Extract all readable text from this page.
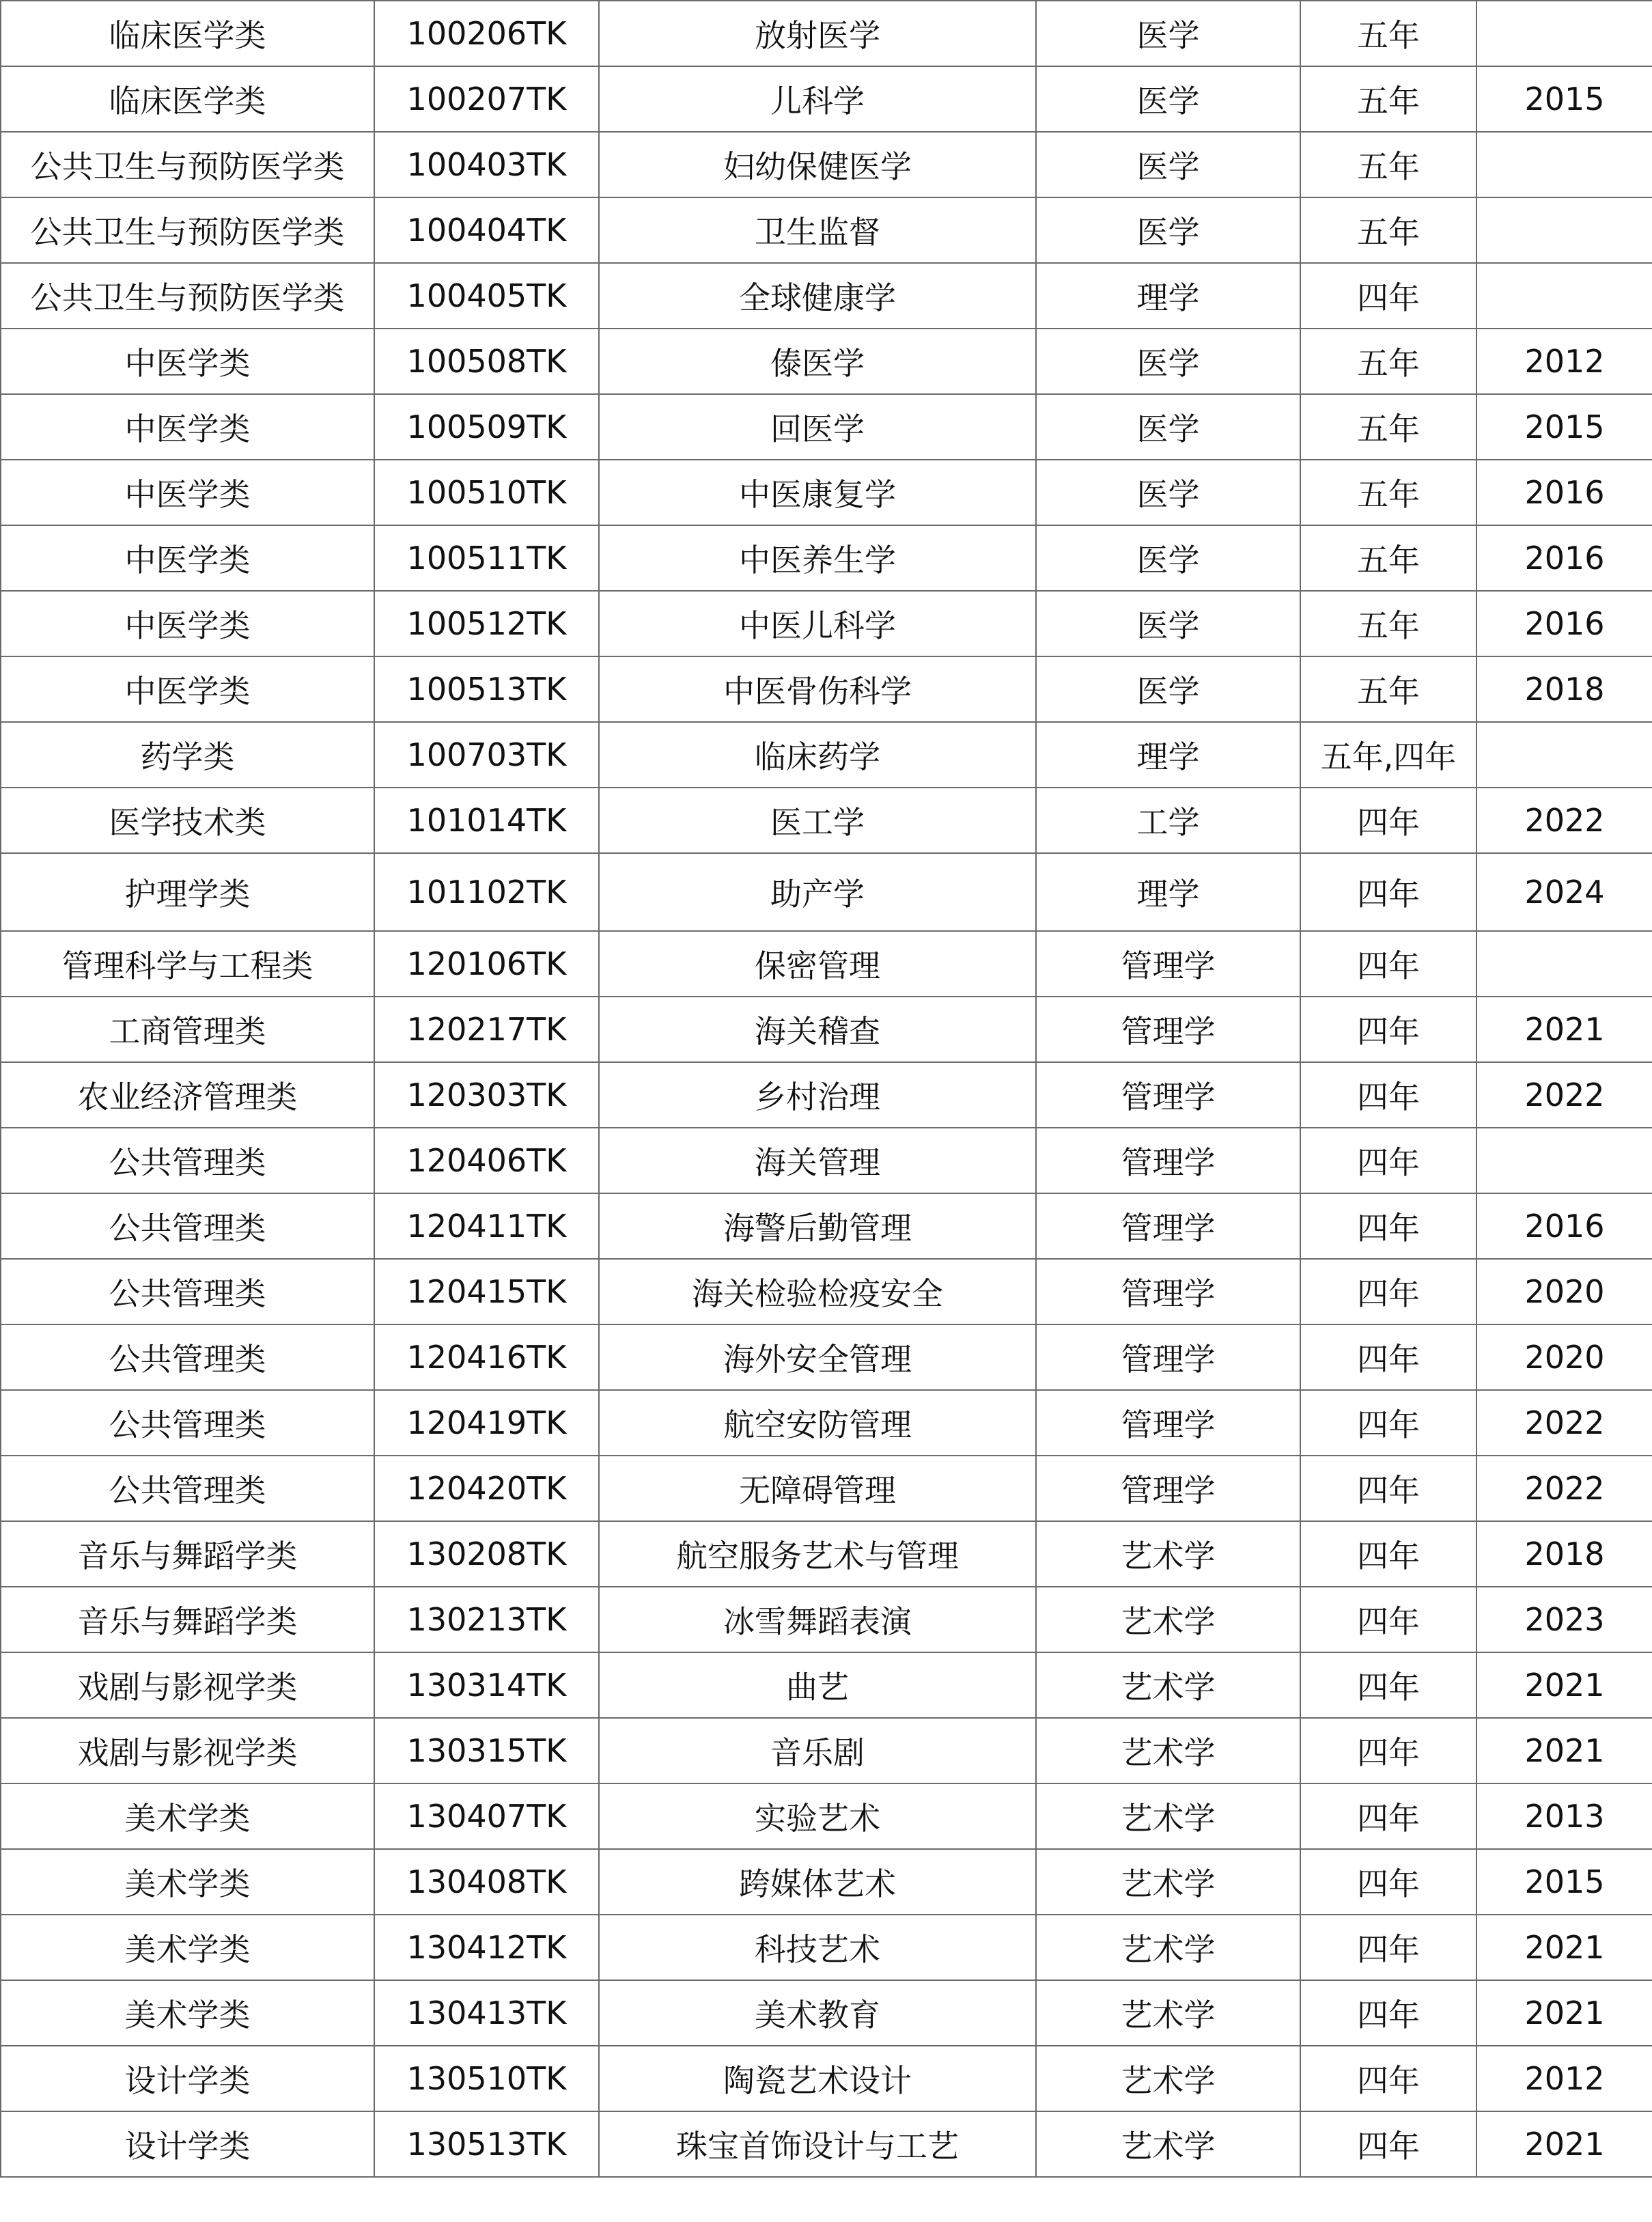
临床医学类	100206TK	放射医学	医学	五年	
临床医学类	100207TK	儿科学	医学	五年	2015
公共卫生与预防医学类	100403TK	妇幼保健医学	医学	五年	
公共卫生与预防医学类	100404TK	卫生监督	医学	五年	
公共卫生与预防医学类	100405TK	全球健康学	理学	四年	
中医学类	100508TK	傣医学	医学	五年	2012
中医学类	100509TK	回医学	医学	五年	2015
中医学类	100510TK	中医康复学	医学	五年	2016
中医学类	100511TK	中医养生学	医学	五年	2016
中医学类	100512TK	中医儿科学	医学	五年	2016
中医学类	100513TK	中医骨伤科学	医学	五年	2018
药学类	100703TK	临床药学	理学	五年,四年	
医学技术类	101014TK	医工学	工学	四年	2022
护理学类	101102TK	助产学	理学	四年	2024
管理科学与工程类	120106TK	保密管理	管理学	四年	
工商管理类	120217TK	海关稽查	管理学	四年	2021
农业经济管理类	120303TK	乡村治理	管理学	四年	2022
公共管理类	120406TK	海关管理	管理学	四年	
公共管理类	120411TK	海警后勤管理	管理学	四年	2016
公共管理类	120415TK	海关检验检疫安全	管理学	四年	2020
公共管理类	120416TK	海外安全管理	管理学	四年	2020
公共管理类	120419TK	航空安防管理	管理学	四年	2022
公共管理类	120420TK	无障碍管理	管理学	四年	2022
音乐与舞蹈学类	130208TK	航空服务艺术与管理	艺术学	四年	2018
音乐与舞蹈学类	130213TK	冰雪舞蹈表演	艺术学	四年	2023
戏剧与影视学类	130314TK	曲艺	艺术学	四年	2021
戏剧与影视学类	130315TK	音乐剧	艺术学	四年	2021
美术学类	130407TK	实验艺术	艺术学	四年	2013
美术学类	130408TK	跨媒体艺术	艺术学	四年	2015
美术学类	130412TK	科技艺术	艺术学	四年	2021
美术学类	130413TK	美术教育	艺术学	四年	2021
设计学类	130510TK	陶瓷艺术设计	艺术学	四年	2012
设计学类	130513TK	珠宝首饰设计与工艺	艺术学	四年	2021
